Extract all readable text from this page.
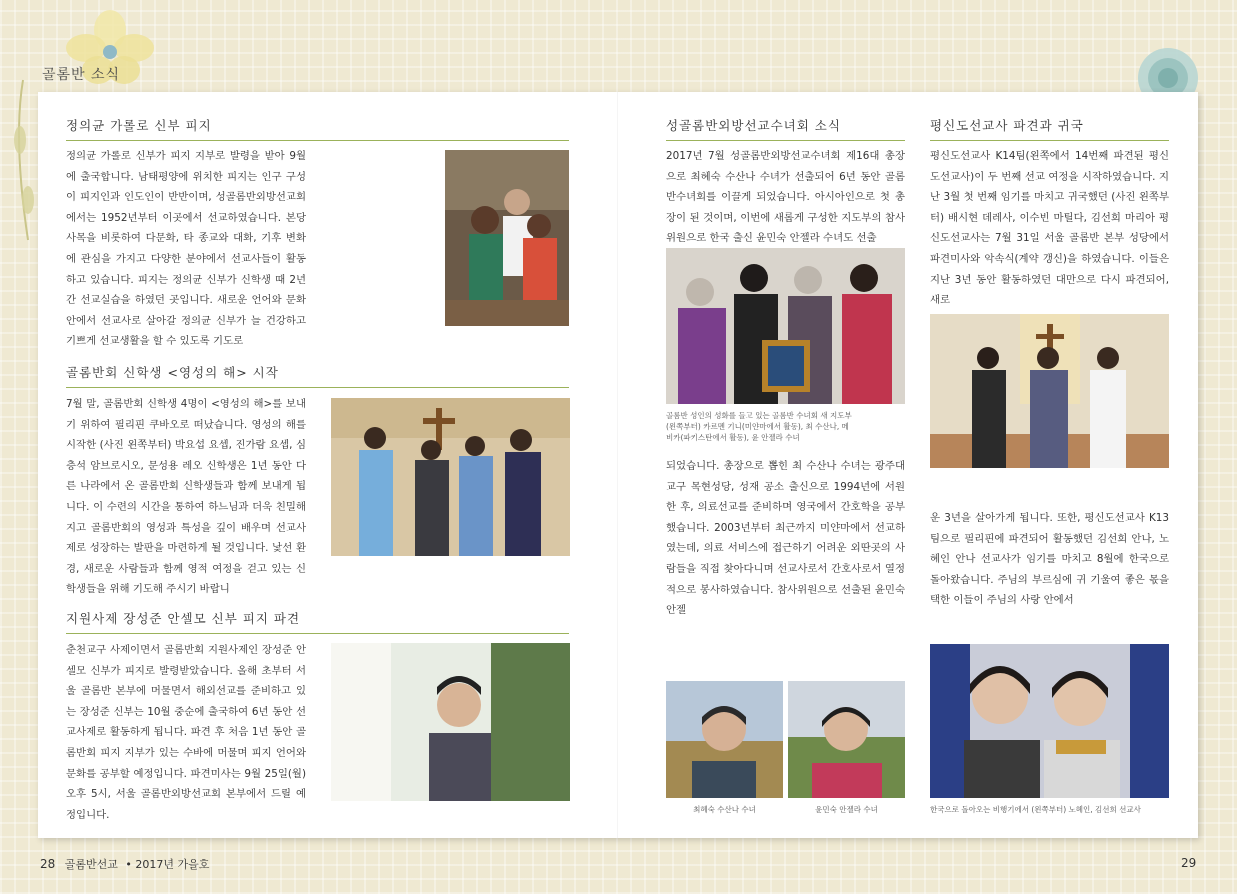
골롬반 소식
정의균 가롤로 신부 피지
정의균 가롤로 신부가 피지 지부로 발령을 받아 9월에 출국합니다. 남태평양에 위치한 피지는 인구 구성이 피지인과 인도인이 반반이며, 성골롬반외방선교회에서는 1952년부터 이곳에서 선교하였습니다. 본당사목을 비롯하여 다문화, 타 종교와 대화, 기후 변화에 관심을 가지고 다양한 분야에서 선교사들이 활동하고 있습니다. 피지는 정의균 신부가 신학생 때 2년간 선교실습을 하였던 곳입니다. 새로운 언어와 문화 안에서 선교사로 살아갈 정의균 신부가 늘 건강하고 기쁘게 선교생활을 할 수 있도록 기도로
골롬반회 신학생 <영성의 해> 시작
7월 말, 골롬반회 신학생 4명이 <영성의 해>를 보내기 위하여 필리핀 쿠바오로 떠났습니다. 영성의 해를 시작한 (사진 왼쪽부터) 박요섭 요셉, 진가람 요셉, 심층석 암브로시오, 문성용 레오 신학생은 1년 동안 다른 나라에서 온 골롬반회 신학생들과 함께 보내게 됩니다. 이 수련의 시간을 통하여 하느님과 더욱 친밀해지고 골롬반회의 영성과 특성을 깊이 배우며 선교사제로 성장하는 발판을 마련하게 될 것입니다. 낯선 환경, 새로운 사람들과 함께 영적 여정을 걷고 있는 신학생들을 위해 기도해 주시기 바랍니
지원사제 장성준 안셀모 신부 피지 파견
춘천교구 사제이면서 골롬반회 지원사제인 장성준 안셀모 신부가 피지로 발령받았습니다. 올해 초부터 서울 골롬반 본부에 머물면서 해외선교를 준비하고 있는 장성준 신부는 10월 중순에 출국하여 6년 동안 선교사제로 활동하게 됩니다. 파견 후 처음 1년 동안 골롬반회 피지 지부가 있는 수바에 머물며 피지 언어와 문화를 공부할 예정입니다. 파견미사는 9월 25일(월) 오후 5시, 서울 골롬반외방선교회 본부에서 드릴 예정입니다.
성골롬반외방선교수녀회 소식
2017년 7월 성골롬반외방선교수녀회 제16대 총장으로 최혜숙 수산나 수녀가 선출되어 6년 동안 골롬반수녀회를 이끌게 되었습니다. 아시아인으로 첫 총장이 된 것이며, 이번에 새롭게 구성한 지도부의 참사위원으로 한국 출신 윤민숙 안젤라 수녀도 선출
골롬반 성인의 성화를 들고 있는 골롬반 수녀회 새 지도부 (왼쪽부터) 카르멘 기니(미얀마에서 활동), 최 수산나, 메비카(파키스탄에서 활동), 윤 안젤라 수녀
되었습니다. 총장으로 뽑힌 최 수산나 수녀는 광주대교구 목현성당, 성재 공소 출신으로 1994년에 서원한 후, 의료선교를 준비하며 영국에서 간호학을 공부했습니다. 2003년부터 최근까지 미얀마에서 선교하였는데, 의료 서비스에 접근하기 어려운 외딴곳의 사람들을 직접 찾아다니며 선교사로서 간호사로서 열정적으로 봉사하였습니다. 참사위원으로 선출된 윤민숙 안젤
최혜숙 수산나 수녀	윤민숙 안젤라 수녀
평신도선교사 파견과 귀국
평신도선교사 K14팀(왼쪽에서 14번째 파견된 평신도선교사)이 두 번째 선교 여정을 시작하였습니다. 지난 3월 첫 번째 임기를 마치고 귀국했던 (사진 왼쪽부터) 배시현 데레사, 이수빈 마틸다, 김선희 마리아 평신도선교사는 7월 31일 서울 골롬반 본부 성당에서 파견미사와 악속식(계약 갱신)을 하였습니다. 이들은 지난 3년 동안 활동하였던 대만으로 다시 파견되어, 새로
운 3년을 살아가게 됩니다. 또한, 평신도선교사 K13팀으로 필리핀에 파견되어 활동했던 김선희 안나, 노혜인 안나 선교사가 임기를 마치고 8월에 한국으로 돌아왔습니다. 주님의 부르심에 귀 기울여 좋은 몫을 택한 이들이 주님의 사랑 안에서
한국으로 돌아오는 비행기에서 (왼쪽부터) 노혜인, 김선희 선교사
28 골롬반선교 • 2017년 가을호	29
